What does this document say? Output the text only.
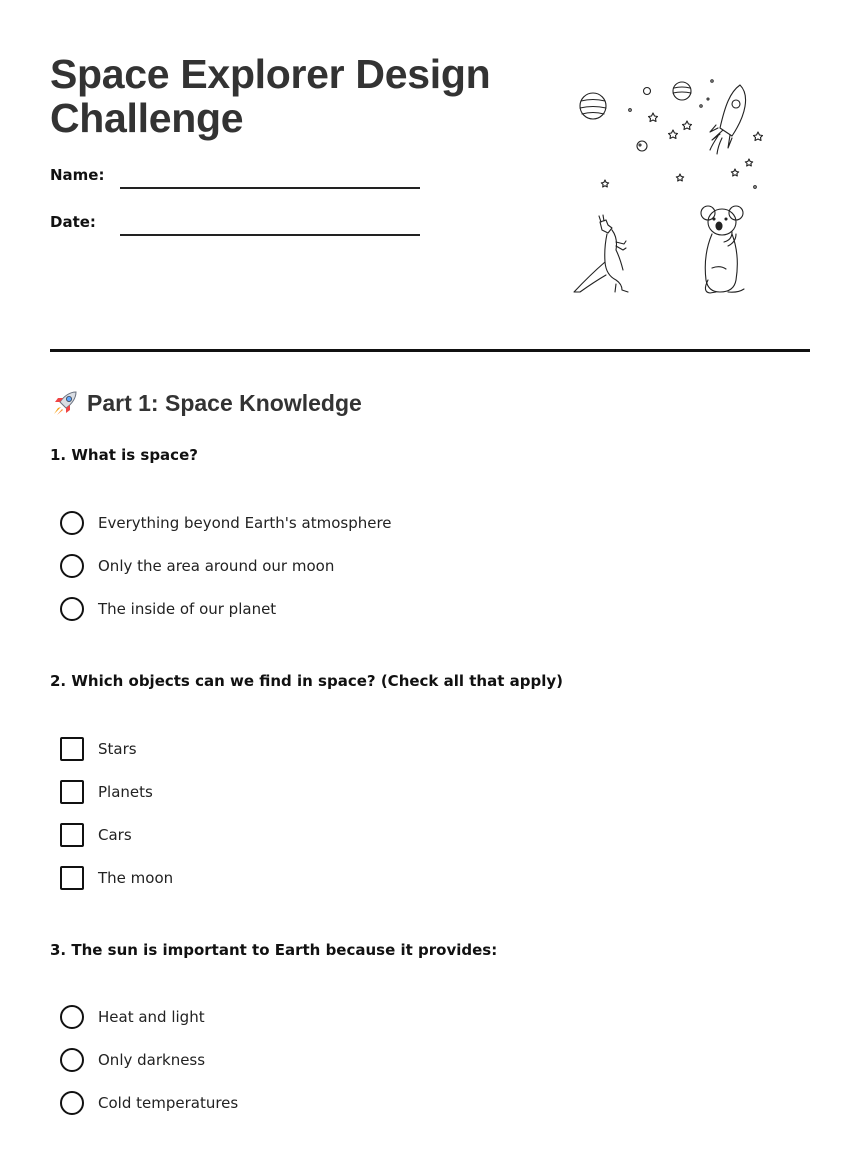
Space Explorer Design Challenge
Name:
Date:
Part 1: Space Knowledge
1. What is space?
Everything beyond Earth's atmosphere
Only the area around our moon
The inside of our planet
2. Which objects can we find in space? (Check all that apply)
Stars
Planets
Cars
The moon
3. The sun is important to Earth because it provides:
Heat and light
Only darkness
Cold temperatures
